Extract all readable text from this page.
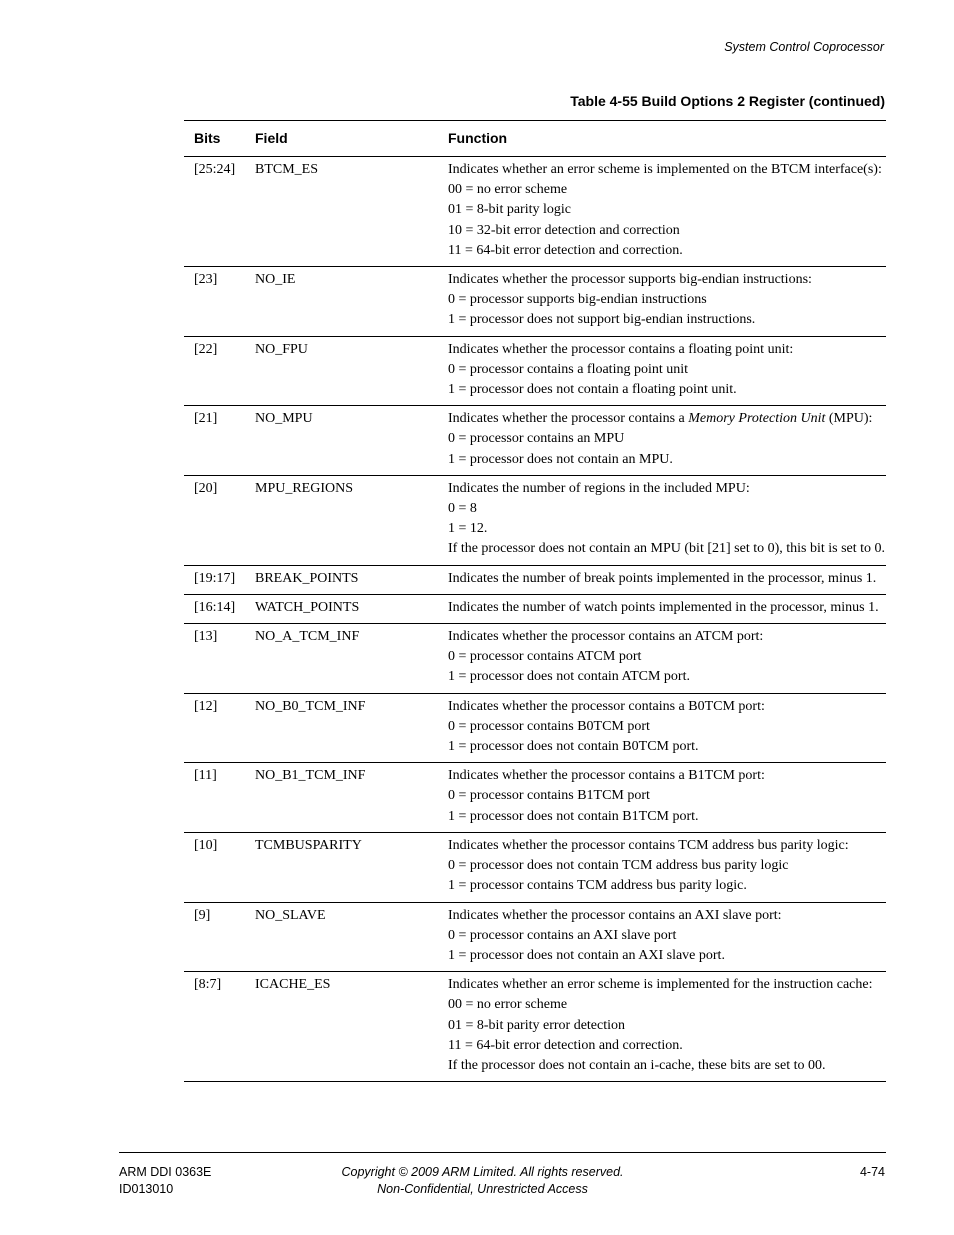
System Control Coprocessor
Table 4-55 Build Options 2 Register (continued)
Bits	Field	Function
[25:24]	BTCM_ES	Indicates whether an error scheme is implemented on the BTCM interface(s):
00 = no error scheme
01 = 8-bit parity logic
10 = 32-bit error detection and correction
11 = 64-bit error detection and correction.

[23]	NO_IE	Indicates whether the processor supports big-endian instructions:
0 = processor supports big-endian instructions
1 = processor does not support big-endian instructions.

[22]	NO_FPU	Indicates whether the processor contains a floating point unit:
0 = processor contains a floating point unit
1 = processor does not contain a floating point unit.

[21]	NO_MPU	Indicates whether the processor contains a Memory Protection Unit (MPU):
0 = processor contains an MPU
1 = processor does not contain an MPU.

[20]	MPU_REGIONS	Indicates the number of regions in the included MPU:
0 = 8
1 = 12.
If the processor does not contain an MPU (bit [21] set to 0), this bit is set to 0.

[19:17]	BREAK_POINTS	Indicates the number of break points implemented in the processor, minus 1.

[16:14]	WATCH_POINTS	Indicates the number of watch points implemented in the processor, minus 1.

[13]	NO_A_TCM_INF	Indicates whether the processor contains an ATCM port:
0 = processor contains ATCM port
1 = processor does not contain ATCM port.

[12]	NO_B0_TCM_INF	Indicates whether the processor contains a B0TCM port:
0 = processor contains B0TCM port
1 = processor does not contain B0TCM port.

[11]	NO_B1_TCM_INF	Indicates whether the processor contains a B1TCM port:
0 = processor contains B1TCM port
1 = processor does not contain B1TCM port.

[10]	TCMBUSPARITY	Indicates whether the processor contains TCM address bus parity logic:
0 = processor does not contain TCM address bus parity logic
1 = processor contains TCM address bus parity logic.

[9]	NO_SLAVE	Indicates whether the processor contains an AXI slave port:
0 = processor contains an AXI slave port
1 = processor does not contain an AXI slave port.

[8:7]	ICACHE_ES	Indicates whether an error scheme is implemented for the instruction cache:
00 = no error scheme
01 = 8-bit parity error detection
11 = 64-bit error detection and correction.
If the processor does not contain an i-cache, these bits are set to 00.
ARM DDI 0363E
ID013010
Copyright © 2009 ARM Limited. All rights reserved.
Non-Confidential, Unrestricted Access
4-74
